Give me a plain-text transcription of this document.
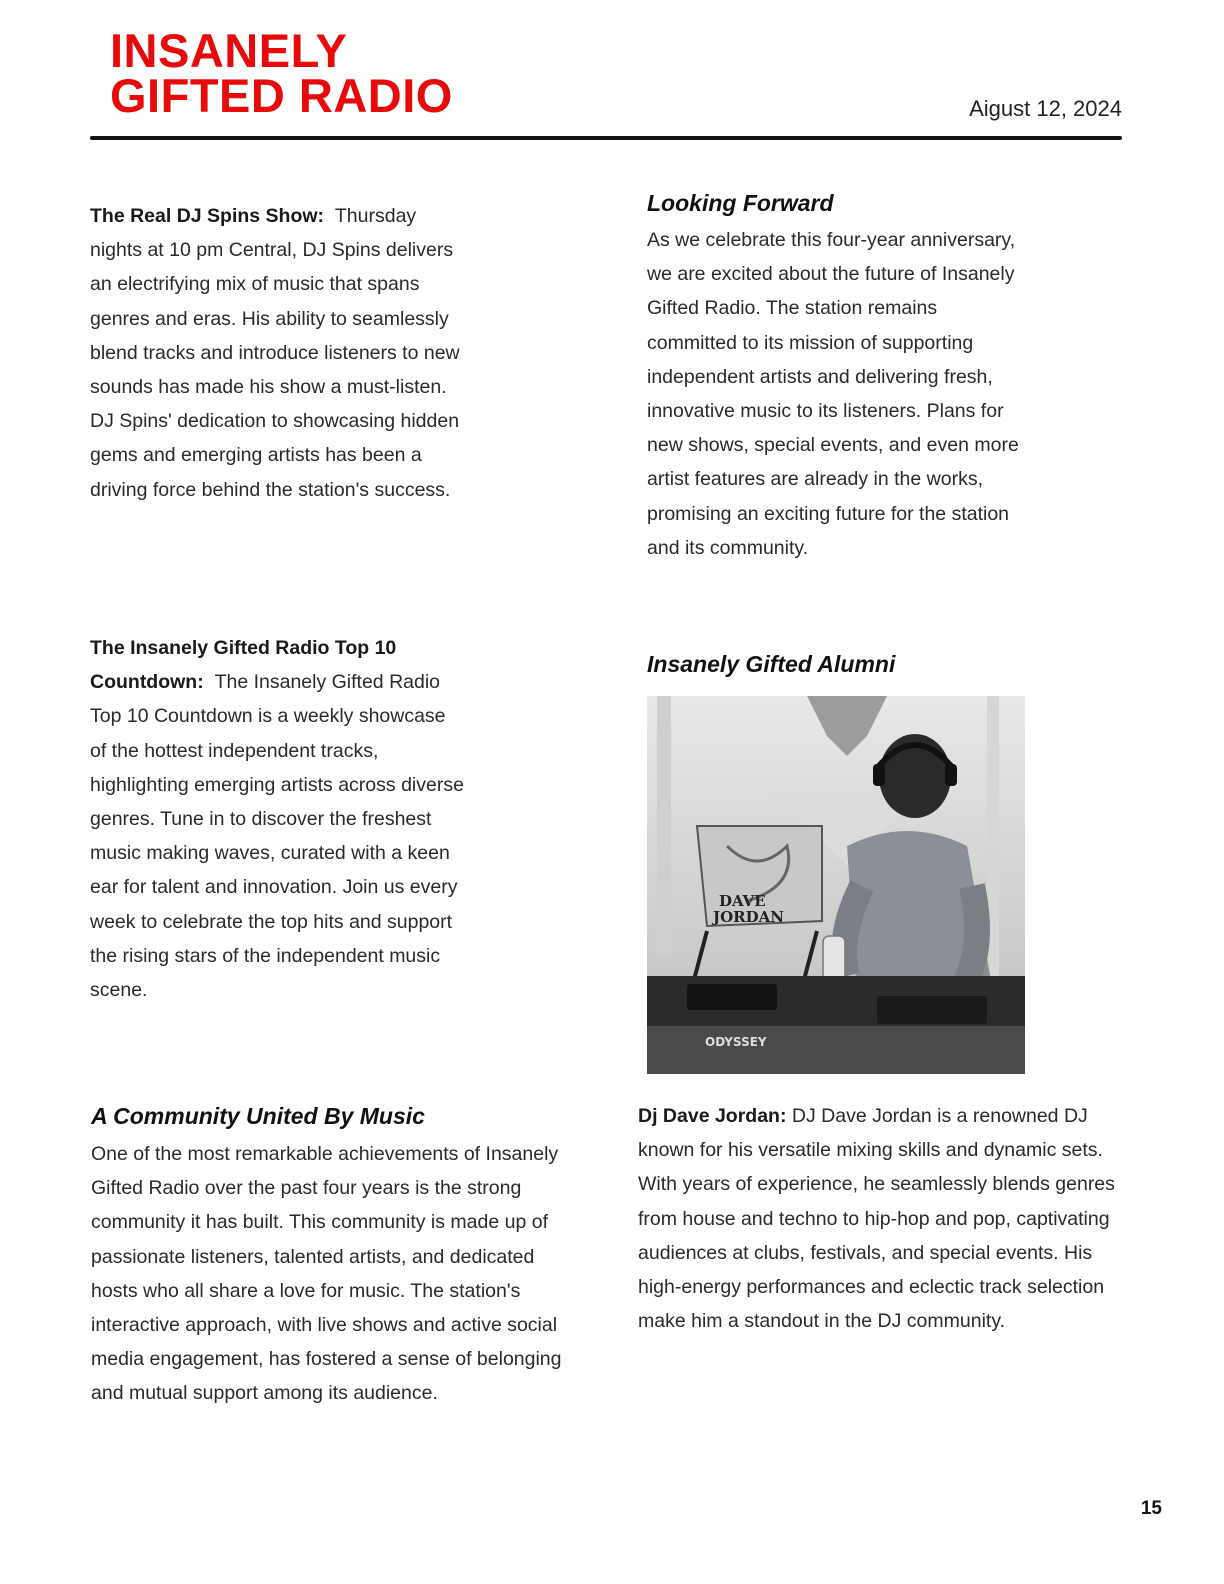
INSANELY
GIFTED RADIO	Aigust 12, 2024

The Real DJ Spins Show: Thursday nights at 10 pm Central, DJ Spins delivers an electrifying mix of music that spans genres and eras. His ability to seamlessly blend tracks and introduce listeners to new sounds has made his show a must-listen. DJ Spins' dedication to showcasing hidden gems and emerging artists has been a driving force behind the station's success.

The Insanely Gifted Radio Top 10 Countdown: The Insanely Gifted Radio Top 10 Countdown is a weekly showcase of the hottest independent tracks, highlighting emerging artists across diverse genres. Tune in to discover the freshest music making waves, curated with a keen ear for talent and innovation. Join us every week to celebrate the top hits and support the rising stars of the independent music scene.

A Community United By Music

One of the most remarkable achievements of Insanely Gifted Radio over the past four years is the strong community it has built. This community is made up of passionate listeners, talented artists, and dedicated hosts who all share a love for music. The station's interactive approach, with live shows and active social media engagement, has fostered a sense of belonging and mutual support among its audience.

Looking Forward

As we celebrate this four-year anniversary, we are excited about the future of Insanely Gifted Radio. The station remains committed to its mission of supporting independent artists and delivering fresh, innovative music to its listeners. Plans for new shows, special events, and even more artist features are already in the works, promising an exciting future for the station and its community.

Insanely Gifted Alumni
DAVE
JORDAN
ODYSSEY

Dj Dave Jordan: DJ Dave Jordan is a renowned DJ known for his versatile mixing skills and dynamic sets. With years of experience, he seamlessly blends genres from house and techno to hip-hop and pop, captivating audiences at clubs, festivals, and special events. His high-energy performances and eclectic track selection make him a standout in the DJ community.

15
